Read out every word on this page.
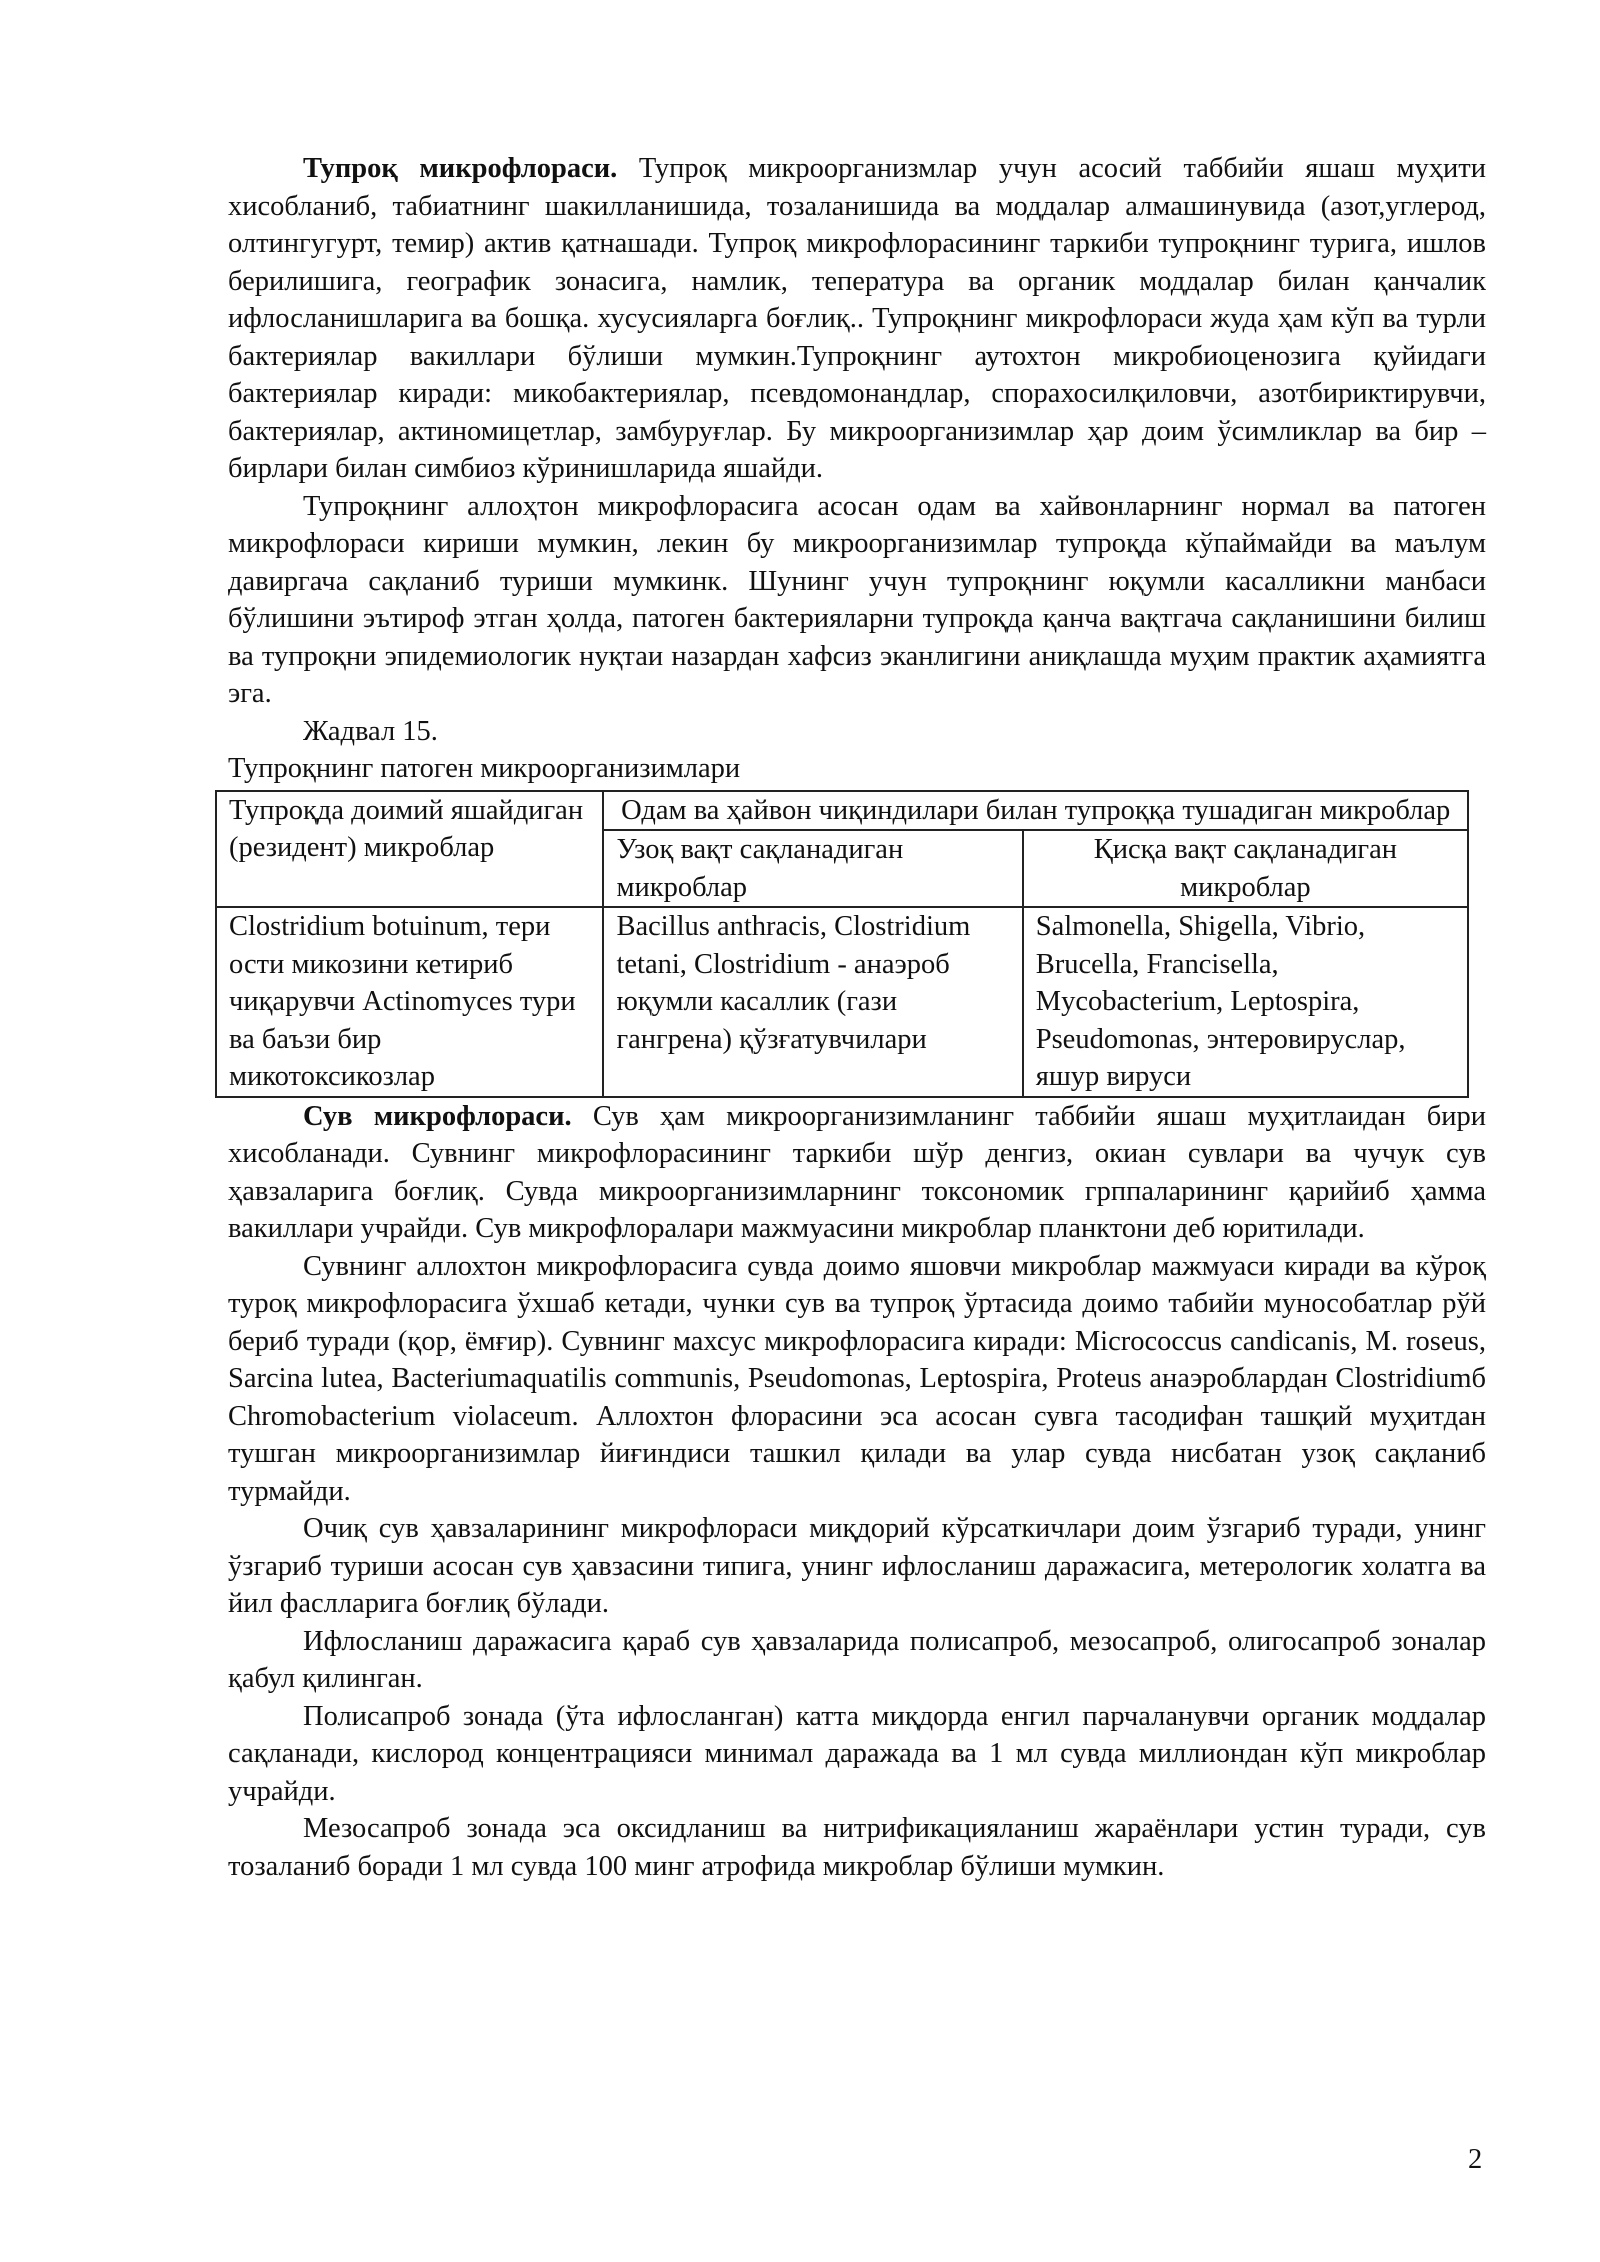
Тупроқ микрофлораси. Тупроқ микроорганизмлар учун асосий таббийи яшаш муҳити хисобланиб, табиатнинг шакилланишида, тозаланишида ва моддалар алмашинувида (азот,углерод, олтингугурт, темир) актив қатнашади. Тупроқ микрофлорасининг таркиби тупроқнинг турига, ишлов берилишига, географик зонасига, намлик, тепература ва органик моддалар билан қанчалик ифлосланишларига ва бошқа. хусусияларга боғлиқ.. Тупроқнинг микрофлораси жуда ҳам кўп ва турли бактериялар вакиллари бўлиши мумкин.Тупроқнинг аутохтон микробиоценозига қуйидаги бактериялар киради: микобактериялар, псевдомонандлар, спорахосилқиловчи, азотбириктирувчи, бактериялар, актиномицетлар, замбуруғлар. Бу микроорганизимлар ҳар доим ўсимликлар ва бир –бирлари билан симбиоз кўринишларида яшайди.

Тупроқнинг аллоҳтон микрофлорасига асосан одам ва хайвонларнинг нормал ва патоген микрофлораси кириши мумкин, лекин бу микроорганизимлар тупроқда кўпаймайди ва маълум давиргача сақланиб туриши мумкинк. Шунинг учун тупроқнинг юқумли касалликни манбаси бўлишини эътироф этган ҳолда, патоген бактерияларни тупроқда қанча вақтгача сақланишини билиш ва тупроқни эпидемиологик нуқтаи назардан хафсиз эканлигини аниқлашда муҳим практик аҳамиятга эга.

Жадвал 15.
Тупроқнинг патоген микроорганизимлари
Тупроқда доимий яшайдиган (резидент) микроблар	Одам ва ҳайвон чиқиндилари билан тупроққа тушадиган микроблар	
	Узоқ вақт сақланадиган микроблар	Қисқа вақт сақланадиган микроблар
Clostridium botuinum, тери ости микозини кетириб чиқарувчи Actinomyces тури ва баъзи бир микотоксикозлар	Bacillus anthracis, Clostridium tetani, Clostridium - анаэроб юқумли касаллик (гази гангрена) қўзғатувчилари	Salmonella, Shigella, Vibrio, Brucella, Francisella, Mycobacterium, Leptospira, Pseudomonas, энтеровируслар, яшур вируси

Сув микрофлораси. Сув ҳам микроорганизимланинг таббийи яшаш муҳитлаидан бири хисобланади. Сувнинг микрофлорасининг таркиби шўр денгиз, окиан сувлари ва чучук сув ҳавзаларига боғлиқ. Сувда микроорганизимларнинг токсономик грппаларининг қарийиб ҳамма вакиллари учрайди. Сув микрофлоралари мажмуасини микроблар планктони деб юритилади.

Сувнинг аллохтон микрофлорасига сувда доимо яшовчи микроблар мажмуаси киради ва кўроқ туроқ микрофлорасига ўхшаб кетади, чунки сув ва тупроқ ўртасида доимо табийи мунособатлар рўй бериб туради (қор, ёмғир). Сувнинг махсус микрофлорасига киради: Micrococcus candicanis, M. roseus, Sarcina lutea, Bacteriumaquatilis communis, Pseudomonas, Leptospira, Proteus анаэроблардан Clostridiumб Chromobacterium violaceum. Аллохтон флорасини эса асосан сувга тасодифан ташқий муҳитдан тушган микроорганизимлар йиғиндиси ташкил қилади ва улар сувда нисбатан узоқ сақланиб турмайди.

Очиқ сув ҳавзаларининг микрофлораси миқдорий кўрсаткичлари доим ўзгариб туради, унинг ўзгариб туриши асосан сув ҳавзасини типига, унинг ифлосланиш даражасига, метерологик холатга ва йил фаслларига боғлиқ бўлади.

Ифлосланиш даражасига қараб сув ҳавзаларида полисапроб, мезосапроб, олигосапроб зоналар қабул қилинган.

Полисапроб зонада (ўта ифлосланган) катта миқдорда енгил парчаланувчи органик моддалар сақланади, кислород концентрацияси минимал даражада ва 1 мл сувда миллиондан кўп микроблар учрайди.

Мезосапроб зонада эса оксидланиш ва нитрификацияланиш жараёнлари устин туради, сув тозаланиб боради 1 мл сувда 100 минг атрофида микроблар бўлиши мумкин.

2
